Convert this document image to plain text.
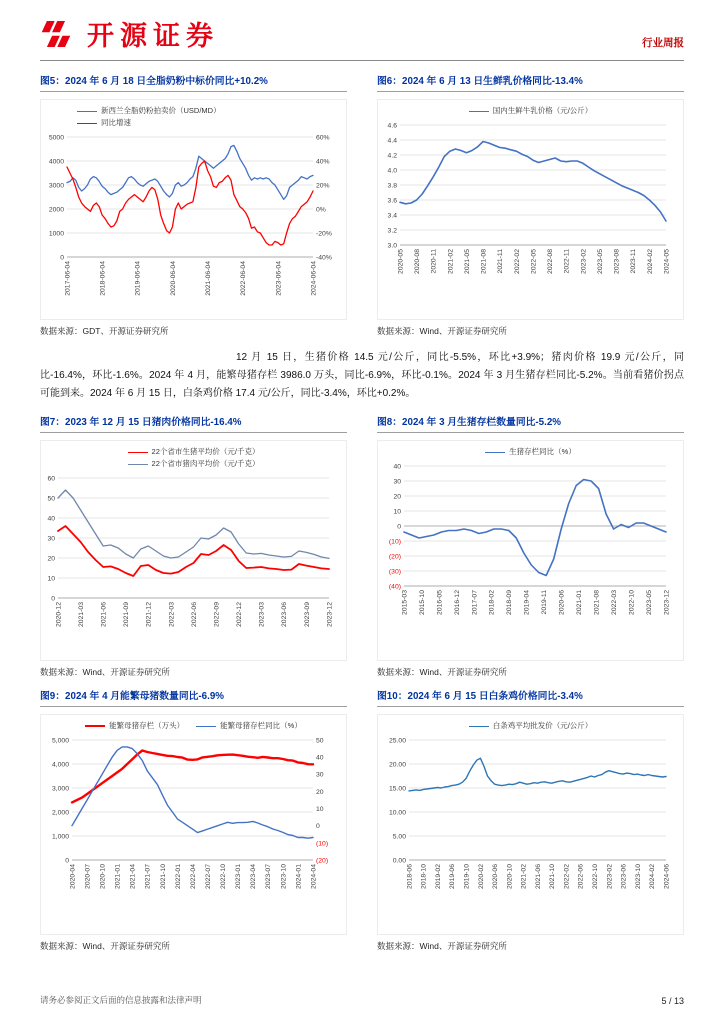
开源证券	行业周报
图5：2024 年 6 月 18 日全脂奶粉中标价同比+10.2%
新西兰全脂奶粉拍卖价（USD/MD）
同比增速
0
1000
2000
3000
4000
5000
-40%
-20%
0%
20%
40%
60%
2017-06-04	2018-06-04	2019-06-04	2020-06-04	2021-06-04	2022-06-04	2023-06-04	2024-06-04
数据来源：GDT、开源证券研究所
图6：2024 年 6 月 13 日生鲜乳价格同比-13.4%
国内生鲜牛乳价格（元/公斤）
3.0
3.2
3.4
3.6
3.8
4.0
4.2
4.4
4.6
2020-05 2020-08 2020-11 2021-02 2021-05 2021-08 2021-11 2022-02 2022-05 2022-08 2022-11 2023-02 2023-05 2023-08 2023-11 2024-02 2024-05
数据来源：Wind、开源证券研究所
12 月 15 日，生猪价格 14.5 元/公斤，同比-5.5%，环比+3.9%；猪肉价格 19.9 元/公斤，同比-16.4%，环比-1.6%。2024 年 4 月，能繁母猪存栏 3986.0 万头，同比-6.9%，环比-0.1%。2024 年 3 月生猪存栏同比-5.2%。当前看猪价拐点可能到来。2024 年 6 月 15 日，白条鸡价格 17.4 元/公斤，同比-3.4%，环比+0.2%。
图7：2023 年 12 月 15 日猪肉价格同比-16.4%
22个省市生猪平均价（元/千克）
22个省市猪肉平均价（元/千克）
0
10
20
30
40
50
60
2020-12 2021-03 2021-06 2021-09 2021-12 2022-03 2022-06 2022-09 2022-12 2023-03 2023-06 2023-09 2023-12
数据来源：Wind、开源证券研究所
图8：2024 年 3 月生猪存栏数量同比-5.2%
生猪存栏同比（%）
(40)
(30)
(20)
(10)
0
10
20
30
40
2015-03 2015-10 2016-05 2016-12 2017-07 2018-02 2018-09 2019-04 2019-11 2020-06 2021-01 2021-08 2022-03 2022-10 2023-05 2023-12
数据来源：Wind、开源证券研究所
图9：2024 年 4 月能繁母猪数量同比-6.9%
能繁母猪存栏（万头）	能繁母猪存栏同比（%）
0
1,000
2,000
3,000
4,000
5,000
(20)
(10)
0
10
20
30
40
50
2020-04 2020-07 2020-10 2021-01 2021-04 2021-07 2021-10 2022-01 2022-04 2022-07 2022-10 2023-01 2023-04 2023-07 2023-10 2024-01 2024-04
数据来源：Wind、开源证券研究所
图10：2024 年 6 月 15 日白条鸡价格同比-3.4%
白条鸡平均批发价（元/公斤）
0.00
5.00
10.00
15.00
20.00
25.00
2018-06 2018-10 2019-02 2019-06 2019-10 2020-02 2020-06 2020-10 2021-02 2021-06 2021-10 2022-02 2022-06 2022-10 2023-02 2023-06 2023-10 2024-02 2024-06
数据来源：Wind、开源证券研究所
请务必参阅正文后面的信息披露和法律声明	5 / 13
